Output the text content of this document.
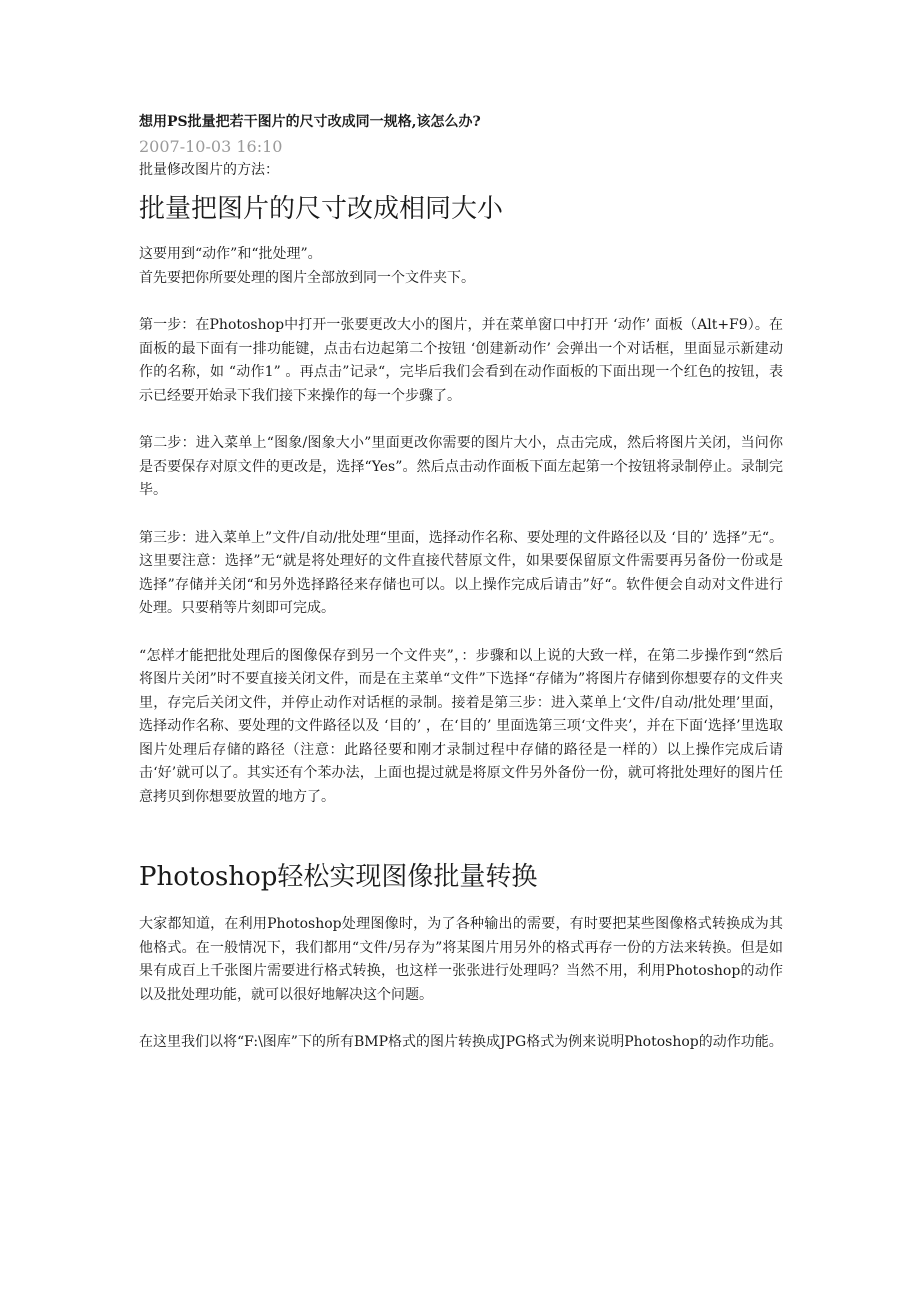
想用PS批量把若干图片的尺寸改成同一规格,该怎么办?
2007-10-03 16:10
批量修改图片的方法：
批量把图片的尺寸改成相同大小

这要用到“动作”和“批处理”。

首先要把你所要处理的图片全部放到同一个文件夹下。

第一步：在Photoshop中打开一张要更改大小的图片，并在菜单窗口中打开 ‘动作’ 面板（Alt+F9）。在面板的最下面有一排功能键，点击右边起第二个按钮 ‘创建新动作’ 会弹出一个对话框，里面显示新建动作的名称，如 “动作1” 。再点击”记录“，完毕后我们会看到在动作面板的下面出现一个红色的按钮，表示已经要开始录下我们接下来操作的每一个步骤了。

第二步：进入菜单上“图象/图象大小”里面更改你需要的图片大小，点击完成，然后将图片关闭，当问你是否要保存对原文件的更改是，选择“Yes”。然后点击动作面板下面左起第一个按钮将录制停止。录制完毕。

第三步：进入菜单上”文件/自动/批处理“里面，选择动作名称、要处理的文件路径以及 ‘目的’ 选择”无“。这里要注意：选择”无“就是将处理好的文件直接代替原文件，如果要保留原文件需要再另备份一份或是选择”存储并关闭“和另外选择路径来存储也可以。以上操作完成后请击”好“。软件便会自动对文件进行处理。只要稍等片刻即可完成。

“怎样才能把批处理后的图像保存到另一个文件夹”，：步骤和以上说的大致一样，在第二步操作到“然后将图片关闭”时不要直接关闭文件，而是在主菜单“文件”下选择“存储为”将图片存储到你想要存的文件夹里，存完后关闭文件，并停止动作对话框的录制。接着是第三步：进入菜单上‘文件/自动/批处理’里面，选择动作名称、要处理的文件路径以及 ‘目的’ ，在‘目的’ 里面选第三项‘文件夹’，并在下面‘选择’里选取图片处理后存储的路径（注意：此路径要和刚才录制过程中存储的路径是一样的）以上操作完成后请击‘好’就可以了。其实还有个苯办法，上面也提过就是将原文件另外备份一份，就可将批处理好的图片任意拷贝到你想要放置的地方了。

Photoshop轻松实现图像批量转换

大家都知道，在利用Photoshop处理图像时，为了各种输出的需要，有时要把某些图像格式转换成为其他格式。在一般情况下，我们都用“文件/另存为”将某图片用另外的格式再存一份的方法来转换。但是如果有成百上千张图片需要进行格式转换，也这样一张张进行处理吗？当然不用，利用Photoshop的动作以及批处理功能，就可以很好地解决这个问题。

在这里我们以将“F:\图库”下的所有BMP格式的图片转换成JPG格式为例来说明Photoshop的动作功能。
